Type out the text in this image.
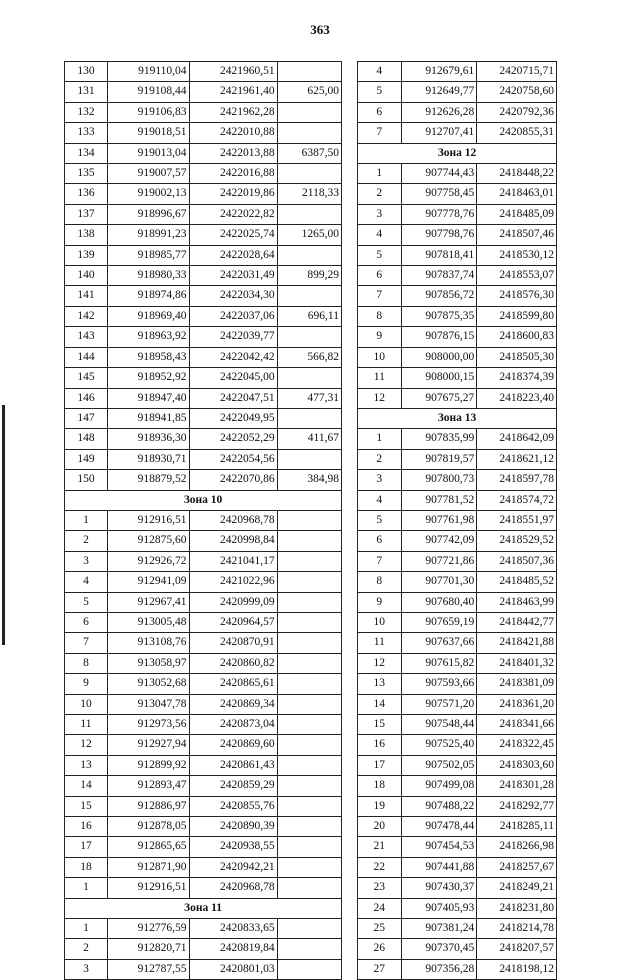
363
130	919110,04	2421960,51	
131	919108,44	2421961,40	625,00
132	919106,83	2421962,28	
133	919018,51	2422010,88	
134	919013,04	2422013,88	6387,50
135	919007,57	2422016,88	
136	919002,13	2422019,86	2118,33
137	918996,67	2422022,82	
138	918991,23	2422025,74	1265,00
139	918985,77	2422028,64	
140	918980,33	2422031,49	899,29
141	918974,86	2422034,30	
142	918969,40	2422037,06	696,11
143	918963,92	2422039,77	
144	918958,43	2422042,42	566,82
145	918952,92	2422045,00	
146	918947,40	2422047,51	477,31
147	918941,85	2422049,95	
148	918936,30	2422052,29	411,67
149	918930,71	2422054,56	
150	918879,52	2422070,86	384,98
Зона 10			
1	912916,51	2420968,78	
2	912875,60	2420998,84	
3	912926,72	2421041,17	
4	912941,09	2421022,96	
5	912967,41	2420999,09	
6	913005,48	2420964,57	
7	913108,76	2420870,91	
8	913058,97	2420860,82	
9	913052,68	2420865,61	
10	913047,78	2420869,34	
11	912973,56	2420873,04	
12	912927,94	2420869,60	
13	912899,92	2420861,43	
14	912893,47	2420859,29	
15	912886,97	2420855,76	
16	912878,05	2420890,39	
17	912865,65	2420938,55	
18	912871,90	2420942,21	
1	912916,51	2420968,78	
Зона 11			
1	912776,59	2420833,65	
2	912820,71	2420819,84	
3	912787,55	2420801,03	
4	912679,61	2420715,71
5	912649,77	2420758,60
6	912626,28	2420792,36
7	912707,41	2420855,31
Зона 12		
1	907744,43	2418448,22
2	907758,45	2418463,01
3	907778,76	2418485,09
4	907798,76	2418507,46
5	907818,41	2418530,12
6	907837,74	2418553,07
7	907856,72	2418576,30
8	907875,35	2418599,80
9	907876,15	2418600,83
10	908000,00	2418505,30
11	908000,15	2418374,39
12	907675,27	2418223,40
Зона 13		
1	907835,99	2418642,09
2	907819,57	2418621,12
3	907800,73	2418597,78
4	907781,52	2418574,72
5	907761,98	2418551,97
6	907742,09	2418529,52
7	907721,86	2418507,36
8	907701,30	2418485,52
9	907680,40	2418463,99
10	907659,19	2418442,77
11	907637,66	2418421,88
12	907615,82	2418401,32
13	907593,66	2418381,09
14	907571,20	2418361,20
15	907548,44	2418341,66
16	907525,40	2418322,45
17	907502,05	2418303,60
18	907499,08	2418301,28
19	907488,22	2418292,77
20	907478,44	2418285,11
21	907454,53	2418266,98
22	907441,88	2418257,67
23	907430,37	2418249,21
24	907405,93	2418231,80
25	907381,24	2418214,78
26	907370,45	2418207,57
27	907356,28	2418198,12
